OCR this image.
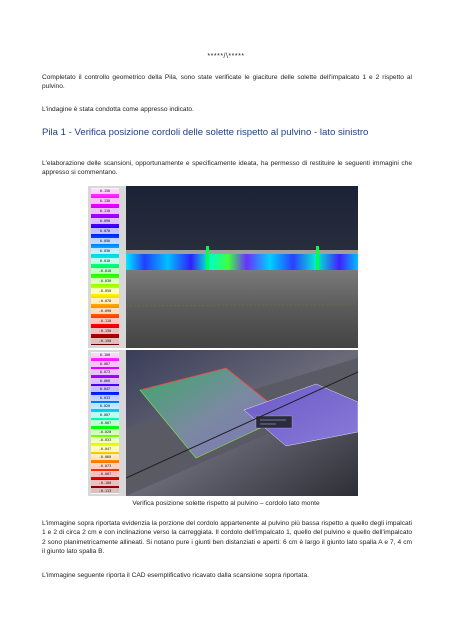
*****/\*****

Completato il controllo geometrico della Pila, sono state verificate le giaciture delle solette dell'impalcato 1 e 2 rispetto al pulvino.

L'indagine è stata condotta come appresso indicato.

Pila 1 - Verifica posizione cordoli delle solette rispetto al pulvino - lato sinistro

L'elaborazione delle scansioni, opportunamente e specificamente ideata, ha permesso di restituire le seguenti immagini che appresso si commentano.

0.150
0.130
0.110
0.090
0.070
0.050
0.030
0.010
-0.010
-0.030
-0.050
-0.070
-0.090
-0.110
-0.130
-0.150
0.100
0.087
0.073
0.060
0.047
0.033
0.020
0.007
-0.007
-0.020
-0.033
-0.047
-0.060
-0.073
-0.087
-0.100
-0.113
Verifica posizione solette rispetto al pulvino – cordolo lato monte

L'immagine sopra riportata evidenzia la porzione del cordolo appartenente al pulvino più bassa rispetto a quello degli impalcati 1 e 2 di circa 2 cm e con inclinazione verso la carreggiata. Il cordolo dell'impalcato 1, quello del pulvino e quello dell'impalcato 2 sono planimetricamente allineati. Si notano pure i giunti ben distanziati e aperti: 6 cm è largo il giunto lato spalla A e 7, 4 cm il giunto lato spalla B.

L'immagine seguente riporta il CAD esemplificativo ricavato dalla scansione sopra riportata.
